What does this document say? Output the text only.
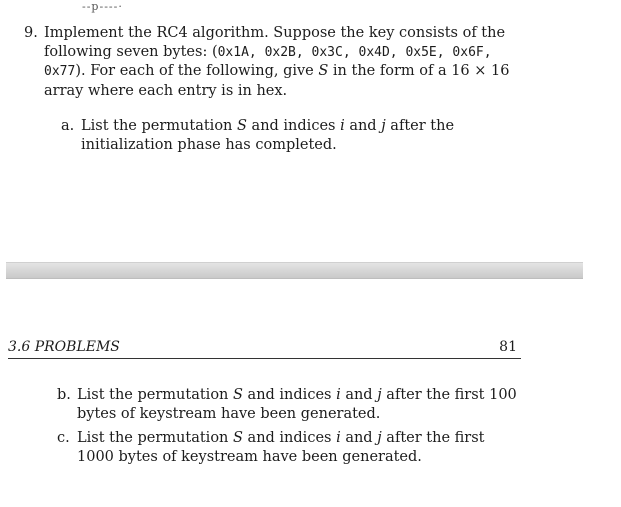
--p----·
9. Implement the RC4 algorithm. Suppose the key consists of the following seven bytes: (0x1A, 0x2B, 0x3C, 0x4D, 0x5E, 0x6F, 0x77). For each of the following, give S in the form of a 16 × 16 array where each entry is in hex.
a. List the permutation S and indices i and j after the initialization phase has completed.
3.6 PROBLEMS	81
b. List the permutation S and indices i and j after the first 100 bytes of keystream have been generated.
c. List the permutation S and indices i and j after the first 1000 bytes of keystream have been generated.
